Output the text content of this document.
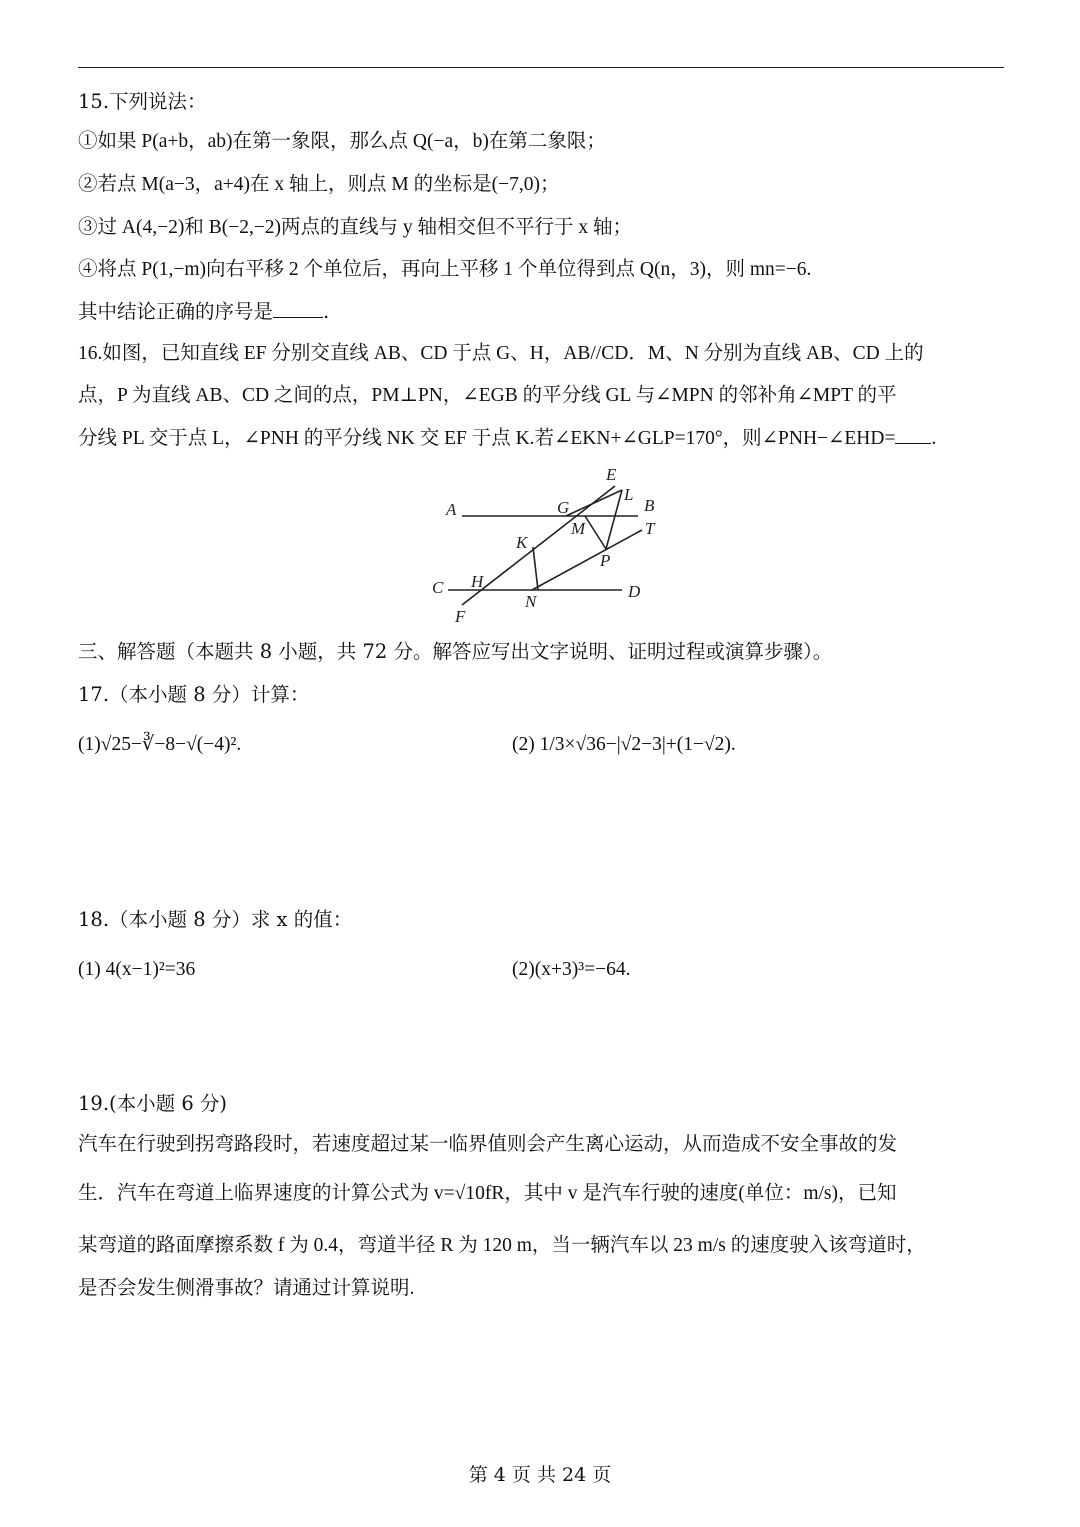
15.下列说法：
①如果 P(a+b，ab)在第一象限，那么点 Q(−a，b)在第二象限；
②若点 M(a−3，a+4)在 x 轴上，则点 M 的坐标是(−7,0)；
③过 A(4,−2)和 B(−2,−2)两点的直线与 y 轴相交但不平行于 x 轴；
④将点 P(1,−m)向右平移 2 个单位后，再向上平移 1 个单位得到点 Q(n，3)，则 mn=−6.
其中结论正确的序号是	.
16.如图，已知直线 EF 分别交直线 AB、CD 于点 G、H，AB//CD．M、N 分别为直线 AB、CD 上的
点，P 为直线 AB、CD 之间的点，PM⊥PN，∠EGB 的平分线 GL 与∠MPN 的邻补角∠MPT 的平
分线 PL 交于点 L，∠PNH 的平分线 NK 交 EF 于点 K.若∠EKN+∠GLP=170°，则∠PNH−∠EHD= .
A	B
C	D
E
F
G
H
K
L
M
N
P
T
三、解答题（本题共 8 小题，共 72 分。解答应写出文字说明、证明过程或演算步骤）。
17.（本小题 8 分）计算：
(1)√25−∛−8−√(−4)².	(2) 1/3×√36−|√2−3|+(1−√2).
18.（本小题 8 分）求 x 的值：
(1) 4(x−1)²=36	(2)(x+3)³=−64.
19.(本小题 6 分)
汽车在行驶到拐弯路段时，若速度超过某一临界值则会产生离心运动，从而造成不安全事故的发
生．汽车在弯道上临界速度的计算公式为 v=√10fR，其中 v 是汽车行驶的速度(单位：m/s)，已知
某弯道的路面摩擦系数 f 为 0.4，弯道半径 R 为 120 m，当一辆汽车以 23 m/s 的速度驶入该弯道时，
是否会发生侧滑事故？请通过计算说明.
第 4 页 共 24 页
